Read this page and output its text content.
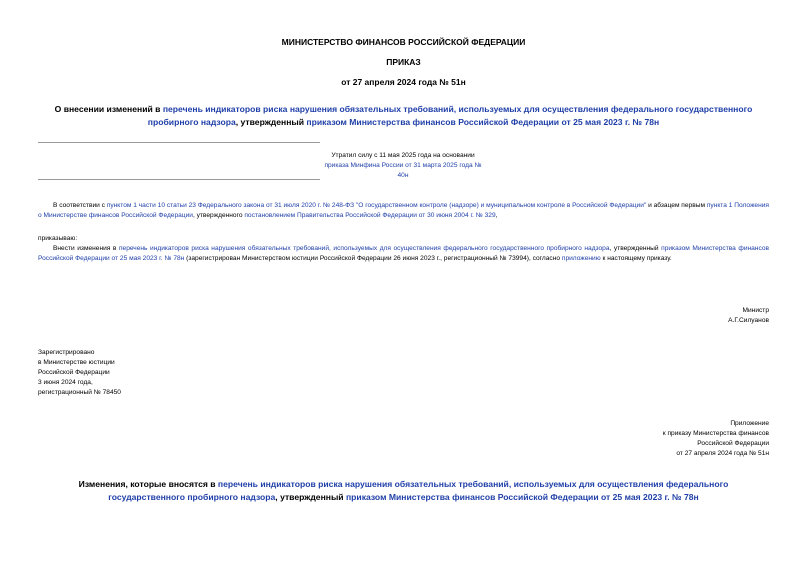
МИНИСТЕРСТВО ФИНАНСОВ РОССИЙСКОЙ ФЕДЕРАЦИИ
ПРИКАЗ
от 27 апреля 2024 года № 51н
О внесении изменений в перечень индикаторов риска нарушения обязательных требований, используемых для осуществления федерального государственного пробирного надзора, утвержденный приказом Министерства финансов Российской Федерации от 25 мая 2023 г. № 78н
Утратил силу с 11 мая 2025 года на основании
приказа Минфина России от 31 марта 2025 года № 40н
В соответствии с пунктом 1 части 10 статьи 23 Федерального закона от 31 июля 2020 г. № 248-ФЗ "О государственном контроле (надзоре) и муниципальном контроле в Российской Федерации" и абзацем первым пункта 1 Положения о Министерстве финансов Российской Федерации, утвержденного постановлением Правительства Российской Федерации от 30 июня 2004 г. № 329,
приказываю:
Внести изменения в перечень индикаторов риска нарушения обязательных требований, используемых для осуществления федерального государственного пробирного надзора, утвержденный приказом Министерства финансов Российской Федерации от 25 мая 2023 г. № 78н (зарегистрирован Министерством юстиции Российской Федерации 26 июня 2023 г., регистрационный № 73994), согласно приложению к настоящему приказу.
Министр
А.Г.Силуанов
Зарегистрировано
в Министерстве юстиции
Российской Федерации
3 июня 2024 года,
регистрационный № 78450
Приложение
к приказу Министерства финансов
Российской Федерации
от 27 апреля 2024 года № 51н
Изменения, которые вносятся в перечень индикаторов риска нарушения обязательных требований, используемых для осуществления федерального государственного пробирного надзора, утвержденный приказом Министерства финансов Российской Федерации от 25 мая 2023 г. № 78н
